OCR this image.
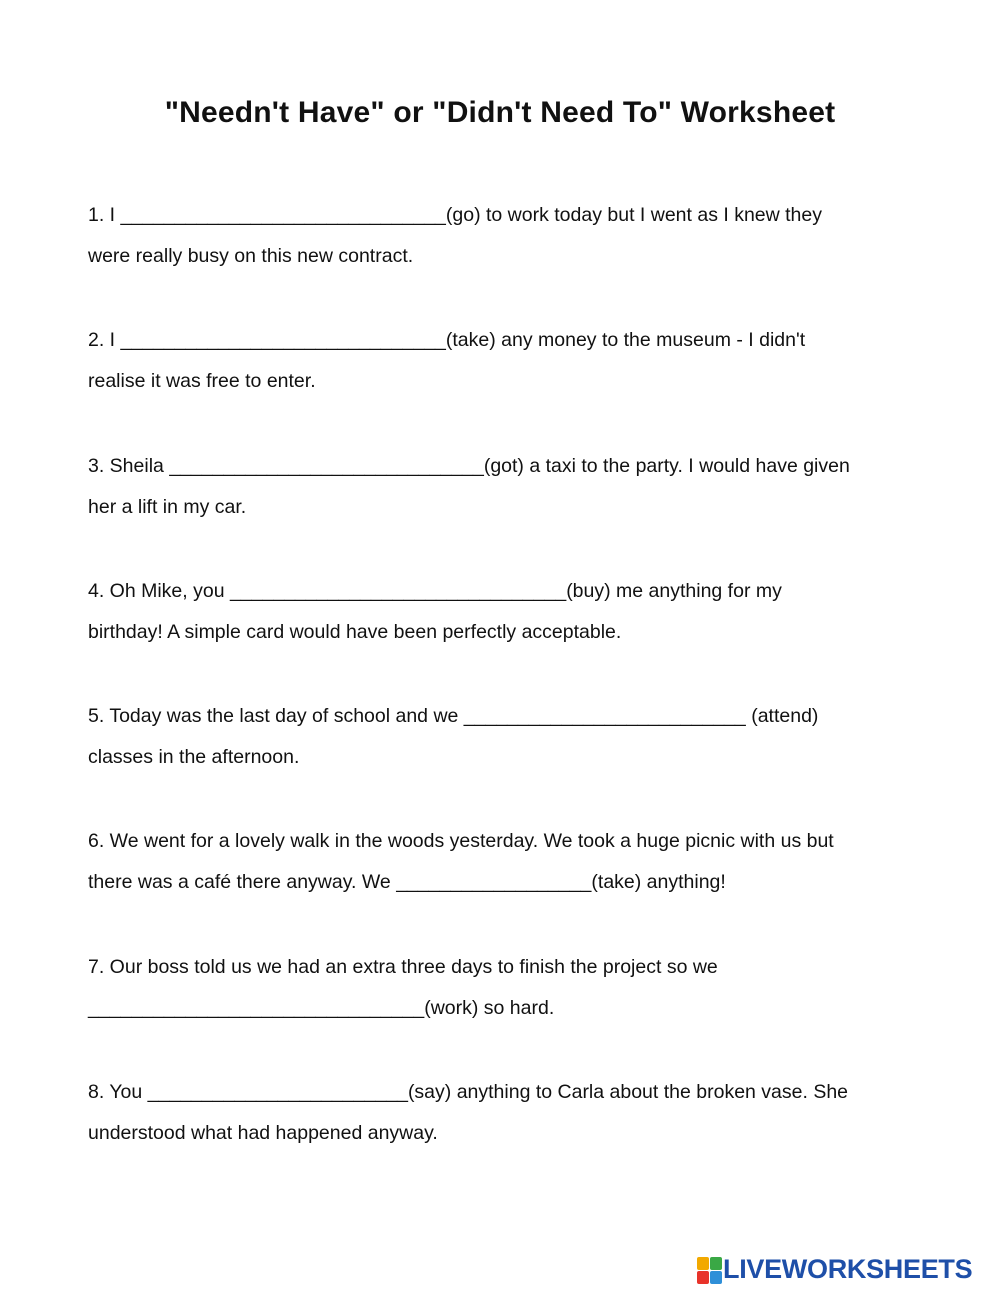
"Needn't Have" or "Didn't Need To" Worksheet
1. I ______________________________(go) to work today but I went as I knew they
were really busy on this new contract.
2. I ______________________________(take) any money to the museum - I didn't
realise it was free to enter.
3. Sheila _____________________________(got) a taxi to the party. I would have given
her a lift in my car.
4. Oh Mike, you _______________________________(buy) me anything for my
birthday! A simple card would have been perfectly acceptable.
5. Today was the last day of school and we __________________________ (attend)
classes in the afternoon.
6. We went for a lovely walk in the woods yesterday. We took a huge picnic with us but
there was a café there anyway. We __________________(take) anything!
7. Our boss told us we had an extra three days to finish the project so we
_______________________________(work) so hard.
8. You ________________________(say) anything to Carla about the broken vase. She
understood what had happened anyway.
LIVEWORKSHEETS
